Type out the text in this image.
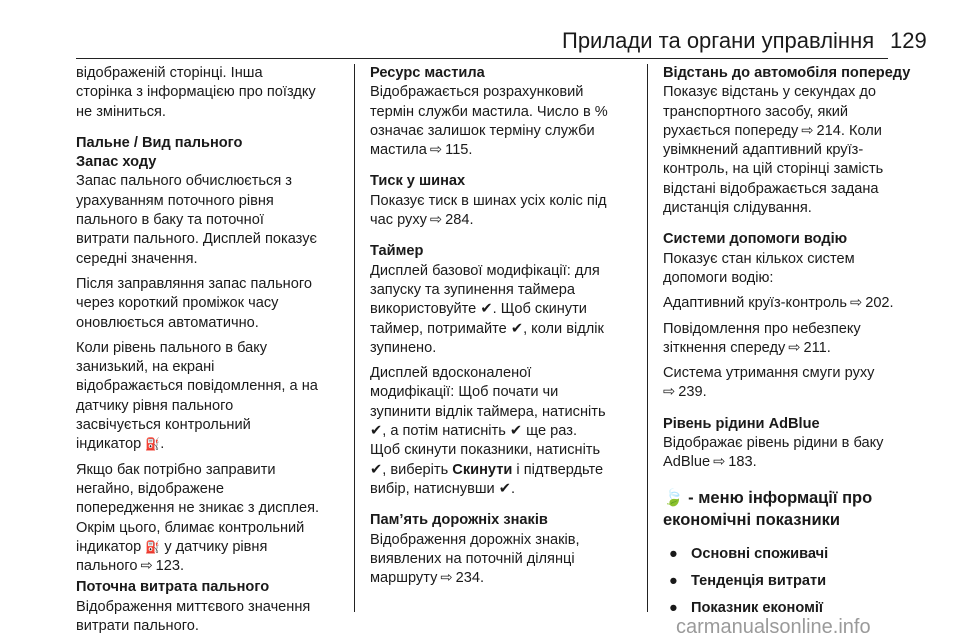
Прилади та органи управління 129
відображеній сторінці. Інша
сторінка з інформацією про поїздку
не зміниться.
Пальне / Вид пального
Запас ходу
Запас пального обчислюється з
урахуванням поточного рівня
пального в баку та поточної
витрати пального. Дисплей показує
середні значення.
Після заправляння запас пального
через короткий проміжок часу
оновлюється автоматично.
Коли рівень пального в баку
занизький, на екрані
відображається повідомлення, а на
датчику рівня пального
засвічується контрольний
індикатор ⛽.
Якщо бак потрібно заправити
негайно, відображене
попередження не зникає з дисплея.
Окрім цього, блимає контрольний
індикатор ⛽ у датчику рівня
пального ⇨ 123.
Поточна витрата пального
Відображення миттєвого значення
витрати пального.
Ресурс мастила
Відображається розрахунковий
термін служби мастила. Число в %
означає залишок терміну служби
мастила ⇨ 115.
Тиск у шинах
Показує тиск в шинах усіх коліс під
час руху ⇨ 284.
Таймер
Дисплей базової модифікації: для
запуску та зупинення таймера
використовуйте ✔. Щоб скинути
таймер, потримайте ✔, коли відлік
зупинено.
Дисплей вдосконаленої
модифікації: Щоб почати чи
зупинити відлік таймера, натисніть
✔, а потім натисніть ✔ ще раз.
Щоб скинути показники, натисніть
✔, виберіть Скинути і підтвердьте
вибір, натиснувши ✔.
Пам’ять дорожніх знаків
Відображення дорожніх знаків,
виявлених на поточній ділянці
маршруту ⇨ 234.
Відстань до автомобіля попереду
Показує відстань у секундах до
транспортного засобу, який
рухається попереду ⇨ 214. Коли
увімкнений адаптивний круїз-
контроль, на цій сторінці замість
відстані відображається задана
дистанція слідування.
Системи допомоги водію
Показує стан кількох систем
допомоги водію:
Адаптивний круїз-контроль ⇨ 202.
Повідомлення про небезпеку
зіткнення спереду ⇨ 211.
Система утримання смуги руху
⇨ 239.
Рівень рідини AdBlue
Відображає рівень рідини в баку
AdBlue ⇨ 183.
🍃 - меню інформації про
економічні показники
● Основні споживачі
● Тенденція витрати
● Показник економії
carmanualsonline.info
